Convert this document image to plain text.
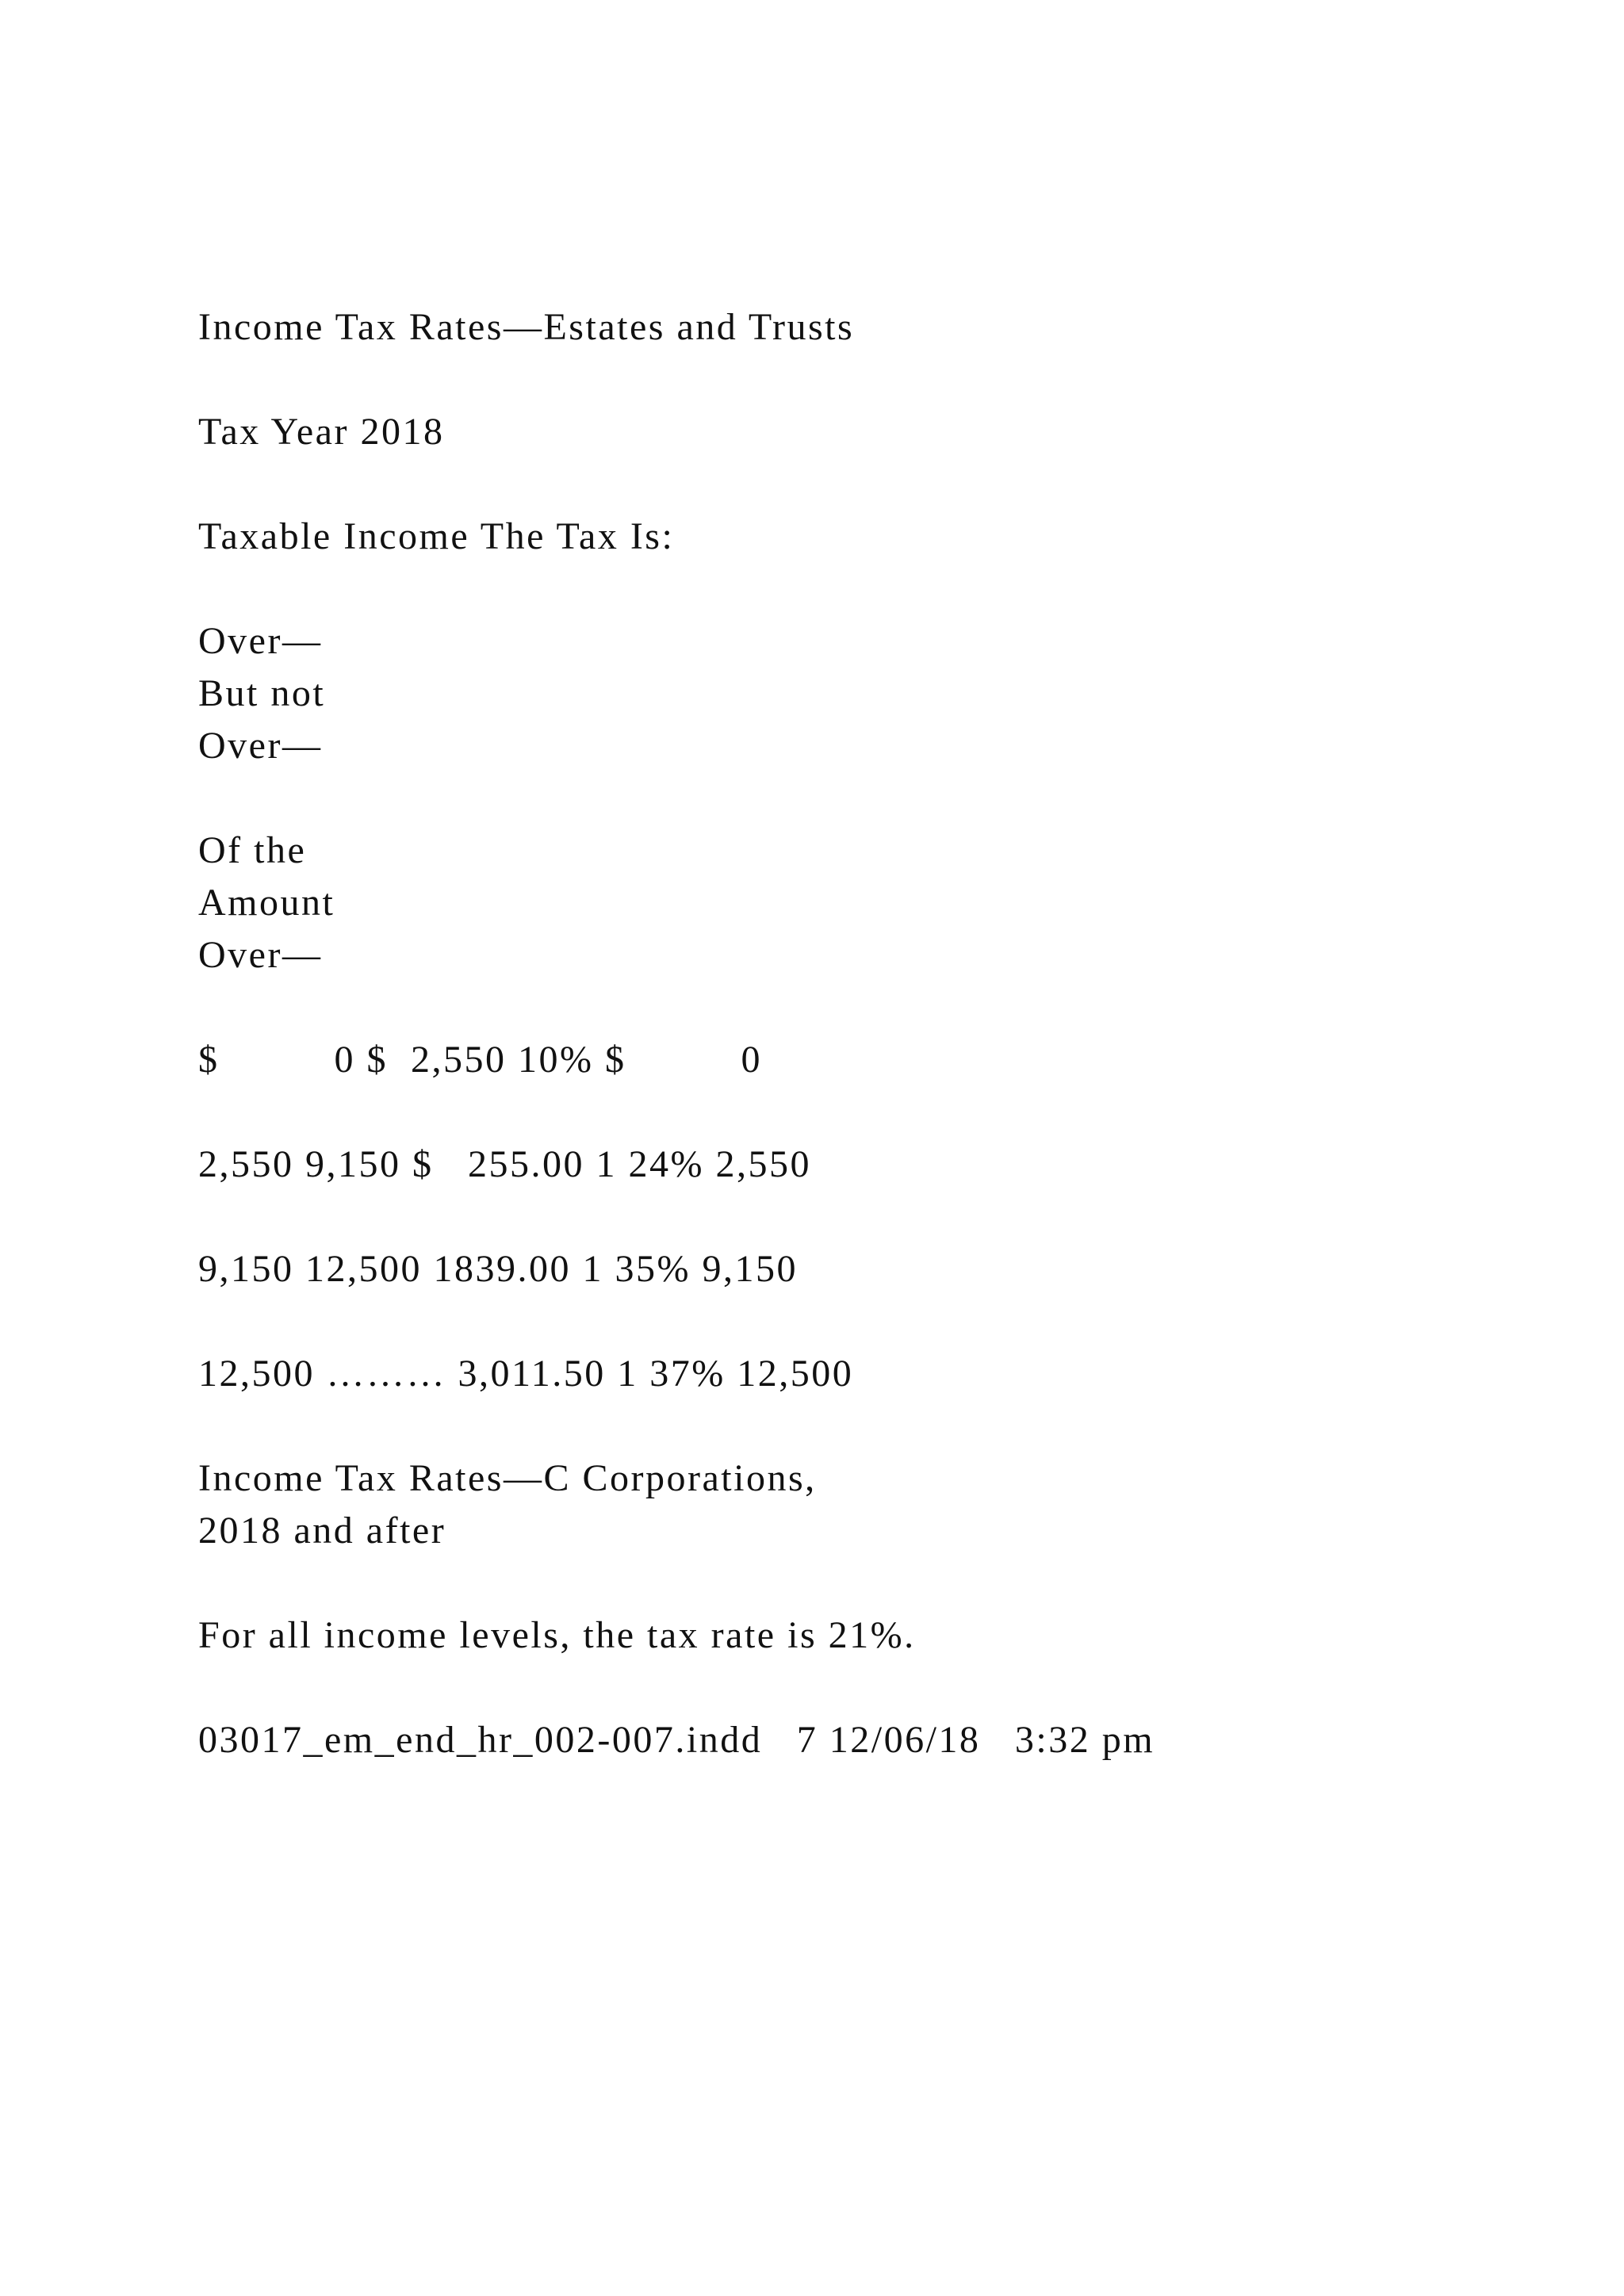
Income Tax Rates—Estates and Trusts

Tax Year 2018

Taxable Income The Tax Is:

Over—

But not

Over—

Of the

Amount

Over—

$          0 $  2,550 10% $          0

2,550 9,150 $   255.00 1 24% 2,550

9,150 12,500 1839.00 1 35% 9,150

12,500 ……… 3,011.50 1 37% 12,500

Income Tax Rates—C Corporations,

2018 and after

For all income levels, the tax rate is 21%.

03017_em_end_hr_002-007.indd   7 12/06/18   3:32 pm
